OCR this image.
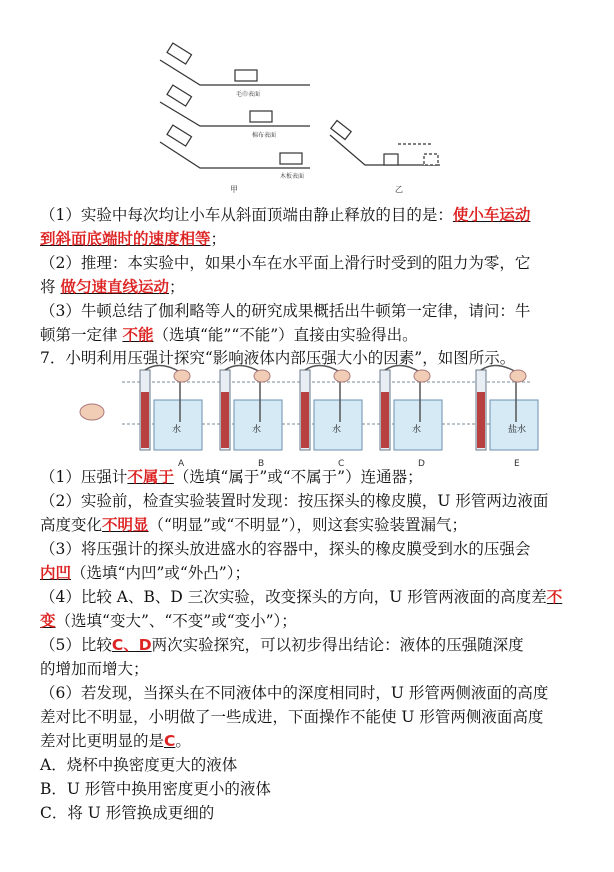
毛巾表面
棉布表面
木板表面
甲	乙
（1）实验中每次均让小车从斜面顶端由静止释放的目的是：使小车运动
到斜面底端时的速度相等；
（2）推理：本实验中，如果小车在水平面上滑行时受到的阻力为零，它
将 做匀速直线运动；
（3）牛顿总结了伽利略等人的研究成果概括出牛顿第一定律，请问：牛
顿第一定律 不能（选填“能”“不能”）直接由实验得出。
7．小明利用压强计探究“影响液体内部压强大小的因素”，如图所示。
水	水	水	水	盐水
A	B	C	D	E
（1）压强计不属于（选填“属于”或“不属于”）连通器；
（2）实验前，检查实验装置时发现：按压探头的橡皮膜，U 形管两边液面
高度变化不明显（“明显”或“不明显”），则这套实验装置漏气；
（3）将压强计的探头放进盛水的容器中，探头的橡皮膜受到水的压强会
内凹（选填“内凹”或“外凸”）；
（4）比较 A、B、D 三次实验，改变探头的方向，U 形管两液面的高度差不
变（选填“变大”、“不变”或“变小”）；
（5）比较C、D两次实验探究，可以初步得出结论：液体的压强随深度
的增加而增大；
（6）若发现，当探头在不同液体中的深度相同时，U 形管两侧液面的高度
差对比不明显，小明做了一些成进，下面操作不能使 U 形管两侧液面高度
差对比更明显的是C。
A．烧杯中换密度更大的液体
B．U 形管中换用密度更小的液体
C．将 U 形管换成更细的
